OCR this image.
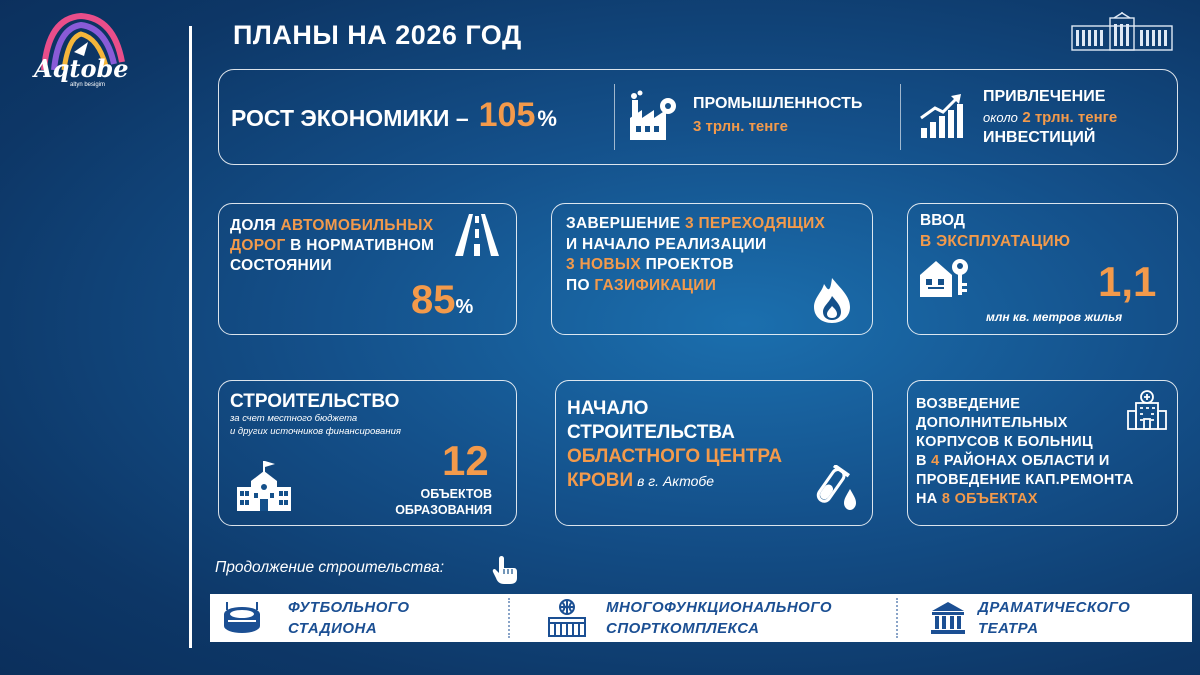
Aqtobe
altyn besigim
ПЛАНЫ НА 2026 ГОД
РОСТ ЭКОНОМИКИ – 105 %
ПРОМЫШЛЕННОСТЬ
3 трлн. тенге
ПРИВЛЕЧЕНИЕ
около 2 трлн. тенге
ИНВЕСТИЦИЙ
ДОЛЯ АВТОМОБИЛЬНЫХ
ДОРОГ В НОРМАТИВНОМ
СОСТОЯНИИ
85%
ЗАВЕРШЕНИЕ 3 ПЕРЕХОДЯЩИХ
И НАЧАЛО РЕАЛИЗАЦИИ
3 НОВЫХ ПРОЕКТОВ
ПО ГАЗИФИКАЦИИ
ВВОД
В ЭКСПЛУАТАЦИЮ
1,1
млн кв. метров жилья
СТРОИТЕЛЬСТВО
за счет местного бюджета
и других источников финансирования
12
ОБЪЕКТОВ
ОБРАЗОВАНИЯ
НАЧАЛО
СТРОИТЕЛЬСТВА
ОБЛАСТНОГО ЦЕНТРА
КРОВИ в г. Актобе
ВОЗВЕДЕНИЕ
ДОПОЛНИТЕЛЬНЫХ
КОРПУСОВ К БОЛЬНИЦ
В 4 РАЙОНАХ ОБЛАСТИ И
ПРОВЕДЕНИЕ КАП.РЕМОНТА
НА 8 ОБЪЕКТАХ
Продолжение строительства:
ФУТБОЛЬНОГО
СТАДИОНА
МНОГОФУНКЦИОНАЛЬНОГО
СПОРТКОМПЛЕКСА
ДРАМАТИЧЕСКОГО
ТЕАТРА
